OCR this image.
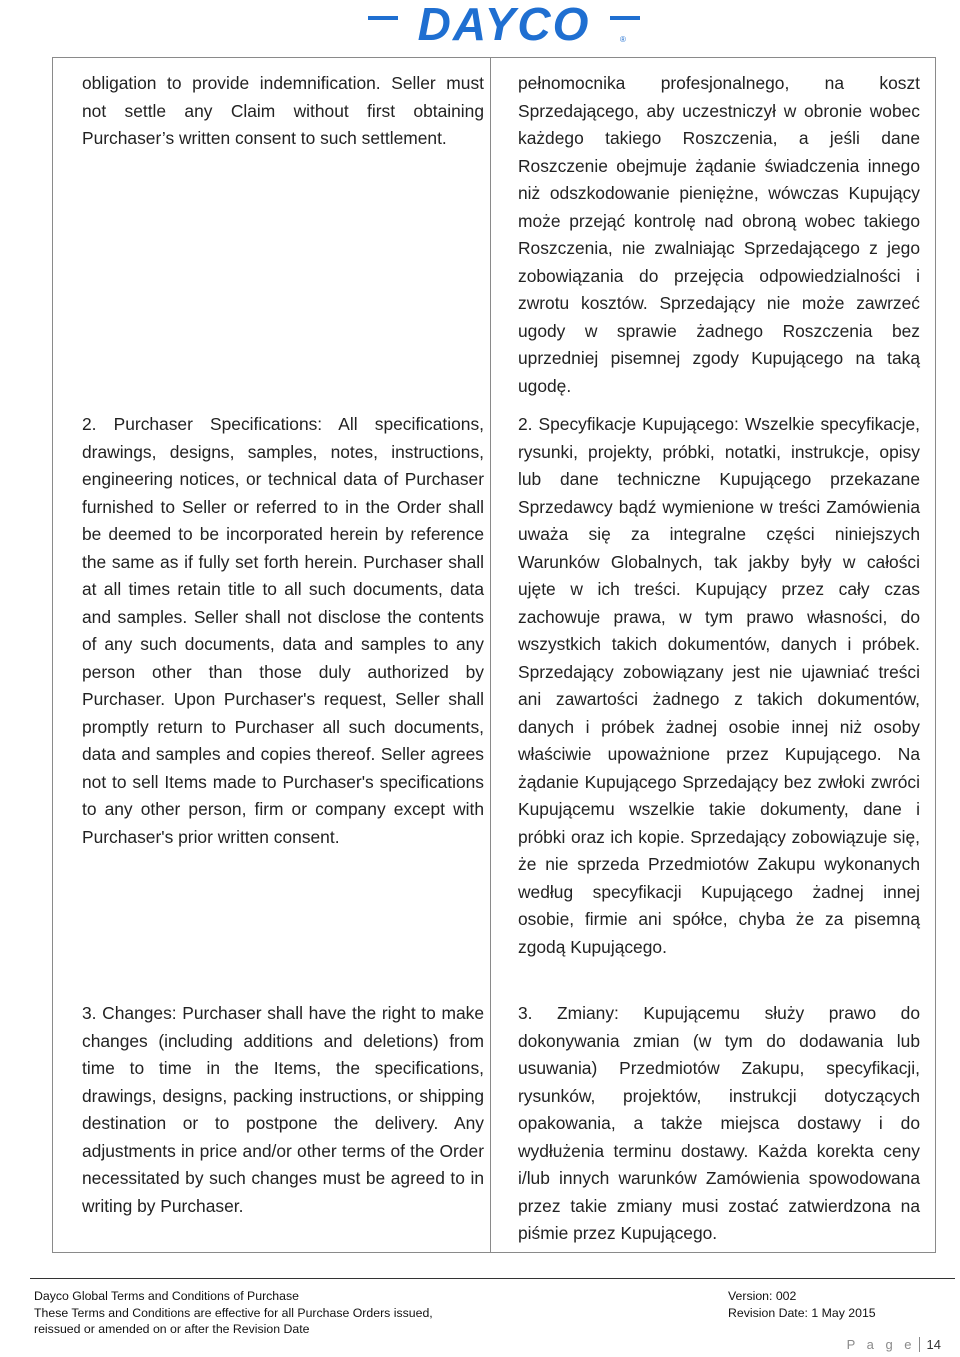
DAYCO	®

obligation to provide indemnification. Seller must not settle any Claim without first obtaining Purchaser’s written consent to such settlement.

pełnomocnika profesjonalnego, na koszt Sprzedającego, aby uczestniczył w obronie wobec każdego takiego Roszczenia, a jeśli dane Roszczenie obejmuje żądanie świadczenia innego niż odszkodowanie pieniężne, wówczas Kupujący może przejąć kontrolę nad obroną wobec takiego Roszczenia, nie zwalniając Sprzedającego z jego zobowiązania do przejęcia odpowiedzialności i zwrotu kosztów. Sprzedający nie może zawrzeć ugody w sprawie żadnego Roszczenia bez uprzedniej pisemnej zgody Kupującego na taką ugodę.

2. Purchaser Specifications: All specifications, drawings, designs, samples, notes, instructions, engineering notices, or technical data of Purchaser furnished to Seller or referred to in the Order shall be deemed to be incorporated herein by reference the same as if fully set forth herein. Purchaser shall at all times retain title to all such documents, data and samples. Seller shall not disclose the contents of any such documents, data and samples to any person other than those duly authorized by Purchaser. Upon Purchaser's request, Seller shall promptly return to Purchaser all such documents, data and samples and copies thereof. Seller agrees not to sell Items made to Purchaser's specifications to any other person, firm or company except with Purchaser's prior written consent.

2. Specyfikacje Kupującego: Wszelkie specyfikacje, rysunki, projekty, próbki, notatki, instrukcje, opisy lub dane techniczne Kupującego przekazane Sprzedawcy bądź wymienione w treści Zamówienia uważa się za integralne części niniejszych Warunków Globalnych, tak jakby były w całości ujęte w ich treści. Kupujący przez cały czas zachowuje prawa, w tym prawo własności, do wszystkich takich dokumentów, danych i próbek. Sprzedający zobowiązany jest nie ujawniać treści ani zawartości żadnego z takich dokumentów, danych i próbek żadnej osobie innej niż osoby właściwie upoważnione przez Kupującego. Na żądanie Kupującego Sprzedający bez zwłoki zwróci Kupującemu wszelkie takie dokumenty, dane i próbki oraz ich kopie. Sprzedający zobowiązuje się, że nie sprzeda Przedmiotów Zakupu wykonanych według specyfikacji Kupującego żadnej innej osobie, firmie ani spółce, chyba że za pisemną zgodą Kupującego.

3. Changes: Purchaser shall have the right to make changes (including additions and deletions) from time to time in the Items, the specifications, drawings, designs, packing instructions, or shipping destination or to postpone the delivery. Any adjustments in price and/or other terms of the Order necessitated by such changes must be agreed to in writing by Purchaser.

3. Zmiany: Kupującemu służy prawo do dokonywania zmian (w tym do dodawania lub usuwania) Przedmiotów Zakupu, specyfikacji, rysunków, projektów, instrukcji dotyczących opakowania, a także miejsca dostawy i do wydłużenia terminu dostawy. Każda korekta ceny i/lub innych warunków Zamówienia spowodowana przez takie zmiany musi zostać zatwierdzona na piśmie przez Kupującego.

Dayco Global Terms and Conditions of Purchase
These Terms and Conditions are effective for all Purchase Orders issued,
reissued or amended on or after the Revision Date
Version: 002
Revision Date: 1 May 2015
P a g e 14
